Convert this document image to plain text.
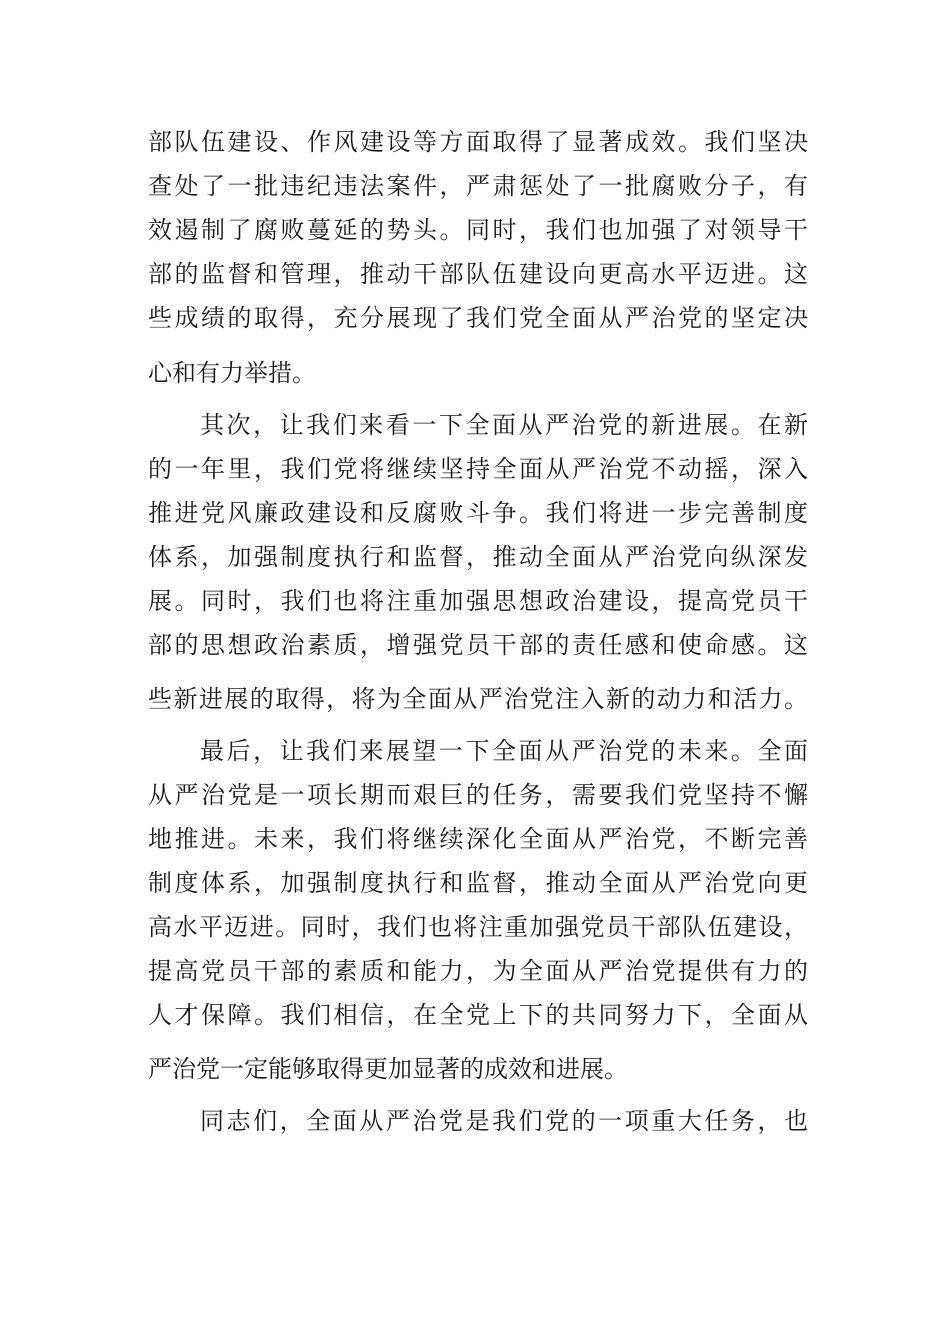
部队伍建设、作风建设等方面取得了显著成效。我们坚决
查处了一批违纪违法案件，严肃惩处了一批腐败分子，有
效遏制了腐败蔓延的势头。同时，我们也加强了对领导干
部的监督和管理，推动干部队伍建设向更高水平迈进。这
些成绩的取得，充分展现了我们党全面从严治党的坚定决
心和有力举措。
其次，让我们来看一下全面从严治党的新进展。在新
的一年里，我们党将继续坚持全面从严治党不动摇，深入
推进党风廉政建设和反腐败斗争。我们将进一步完善制度
体系，加强制度执行和监督，推动全面从严治党向纵深发
展。同时，我们也将注重加强思想政治建设，提高党员干
部的思想政治素质，增强党员干部的责任感和使命感。这
些新进展的取得，将为全面从严治党注入新的动力和活力。
最后，让我们来展望一下全面从严治党的未来。全面
从严治党是一项长期而艰巨的任务，需要我们党坚持不懈
地推进。未来，我们将继续深化全面从严治党，不断完善
制度体系，加强制度执行和监督，推动全面从严治党向更
高水平迈进。同时，我们也将注重加强党员干部队伍建设，
提高党员干部的素质和能力，为全面从严治党提供有力的
人才保障。我们相信，在全党上下的共同努力下，全面从
严治党一定能够取得更加显著的成效和进展。
同志们，全面从严治党是我们党的一项重大任务，也
